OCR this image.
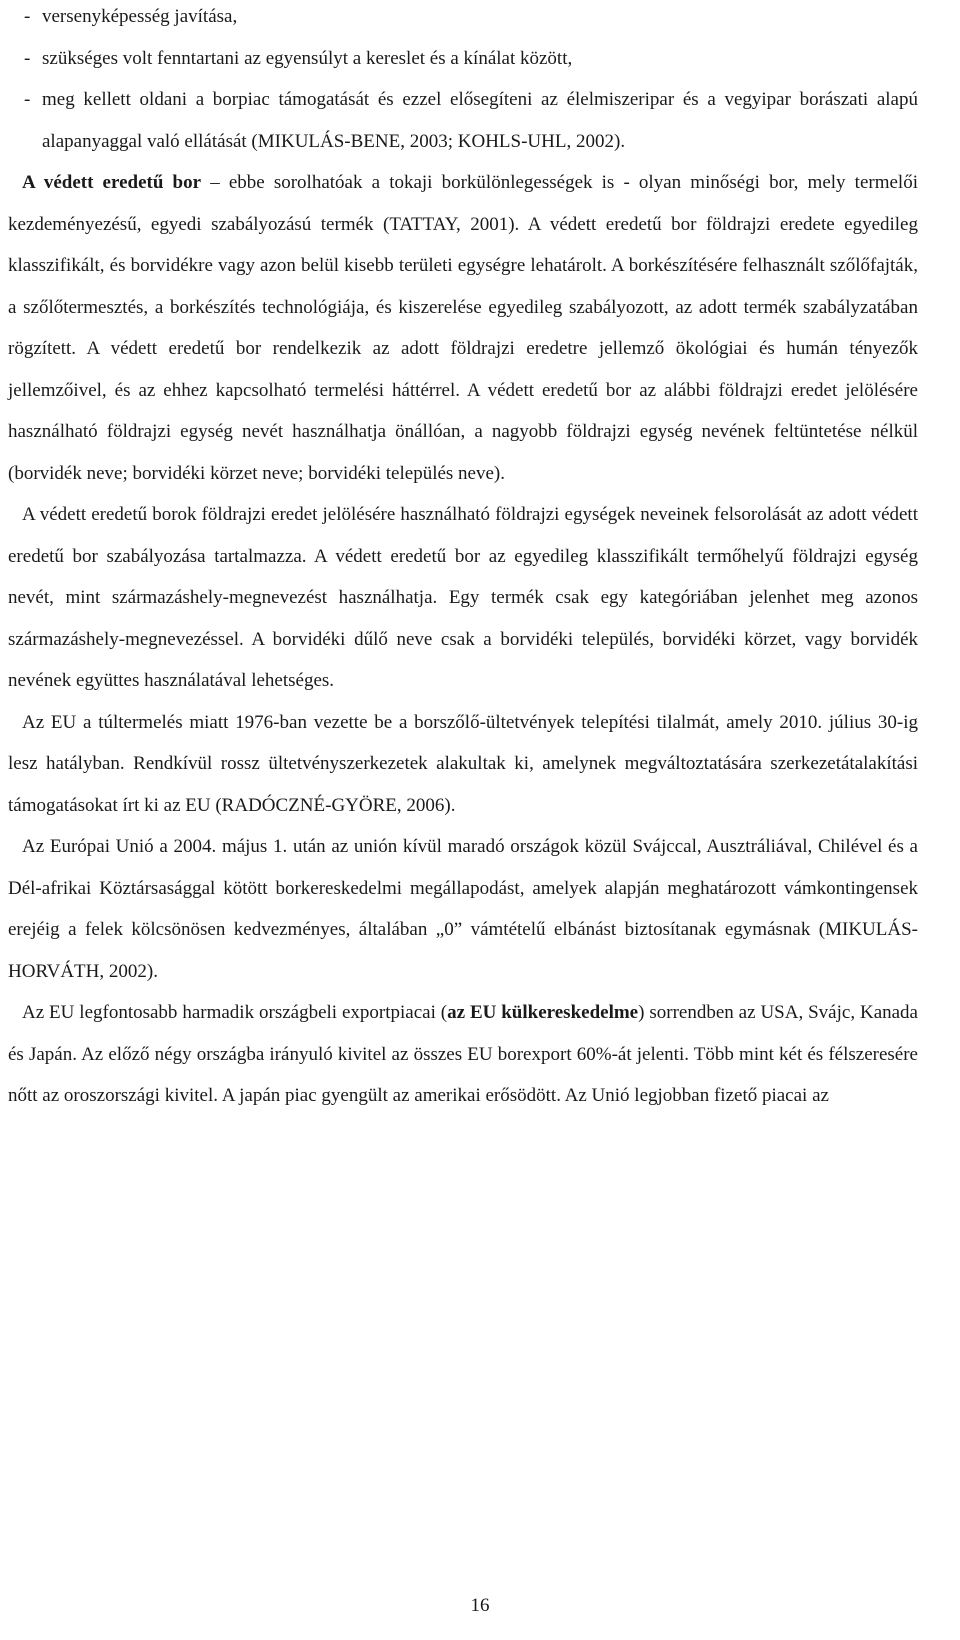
- versenyképesség javítása,
- szükséges volt fenntartani az egyensúlyt a kereslet és a kínálat között,
- meg kellett oldani a borpiac támogatását és ezzel elősegíteni az élelmiszeripar és a vegyipar borászati alapú alapanyaggal való ellátását (MIKULÁS-BENE, 2003; KOHLS-UHL, 2002).

A védett eredetű bor – ebbe sorolhatóak a tokaji borkülönlegességek is - olyan minőségi bor, mely termelői kezdeményezésű, egyedi szabályozású termék (TATTAY, 2001). A védett eredetű bor földrajzi eredete egyedileg klasszifikált, és borvidékre vagy azon belül kisebb területi egységre lehatárolt. A borkészítésére felhasznált szőlőfajták, a szőlőtermesztés, a borkészítés technológiája, és kiszerelése egyedileg szabályozott, az adott termék szabályzatában rögzített. A védett eredetű bor rendelkezik az adott földrajzi eredetre jellemző ökológiai és humán tényezők jellemzőivel, és az ehhez kapcsolható termelési háttérrel. A védett eredetű bor az alábbi földrajzi eredet jelölésére használható földrajzi egység nevét használhatja önállóan, a nagyobb földrajzi egység nevének feltüntetése nélkül (borvidék neve; borvidéki körzet neve; borvidéki település neve).

A védett eredetű borok földrajzi eredet jelölésére használható földrajzi egységek neveinek felsorolását az adott védett eredetű bor szabályozása tartalmazza. A védett eredetű bor az egyedileg klasszifikált termőhelyű földrajzi egység nevét, mint származáshely-megnevezést használhatja. Egy termék csak egy kategóriában jelenhet meg azonos származáshely-megnevezéssel. A borvidéki dűlő neve csak a borvidéki település, borvidéki körzet, vagy borvidék nevének együttes használatával lehetséges.

Az EU a túltermelés miatt 1976-ban vezette be a borszőlő-ültetvények telepítési tilalmát, amely 2010. július 30-ig lesz hatályban. Rendkívül rossz ültetvényszerkezetek alakultak ki, amelynek megváltoztatására szerkezetátalakítási támogatásokat írt ki az EU (RADÓCZNÉ-GYÖRE, 2006).

Az Európai Unió a 2004. május 1. után az unión kívül maradó országok közül Svájccal, Ausztráliával, Chilével és a Dél-afrikai Köztársasággal kötött borkereskedelmi megállapodást, amelyek alapján meghatározott vámkontingensek erejéig a felek kölcsönösen kedvezményes, általában „0” vámtételű elbánást biztosítanak egymásnak (MIKULÁS-HORVÁTH, 2002).

Az EU legfontosabb harmadik országbeli exportpiacai (az EU külkereskedelme) sorrendben az USA, Svájc, Kanada és Japán. Az előző négy országba irányuló kivitel az összes EU borexport 60%-át jelenti. Több mint két és félszeresére nőtt az oroszországi kivitel. A japán piac gyengült az amerikai erősödött. Az Unió legjobban fizető piacai az

16
